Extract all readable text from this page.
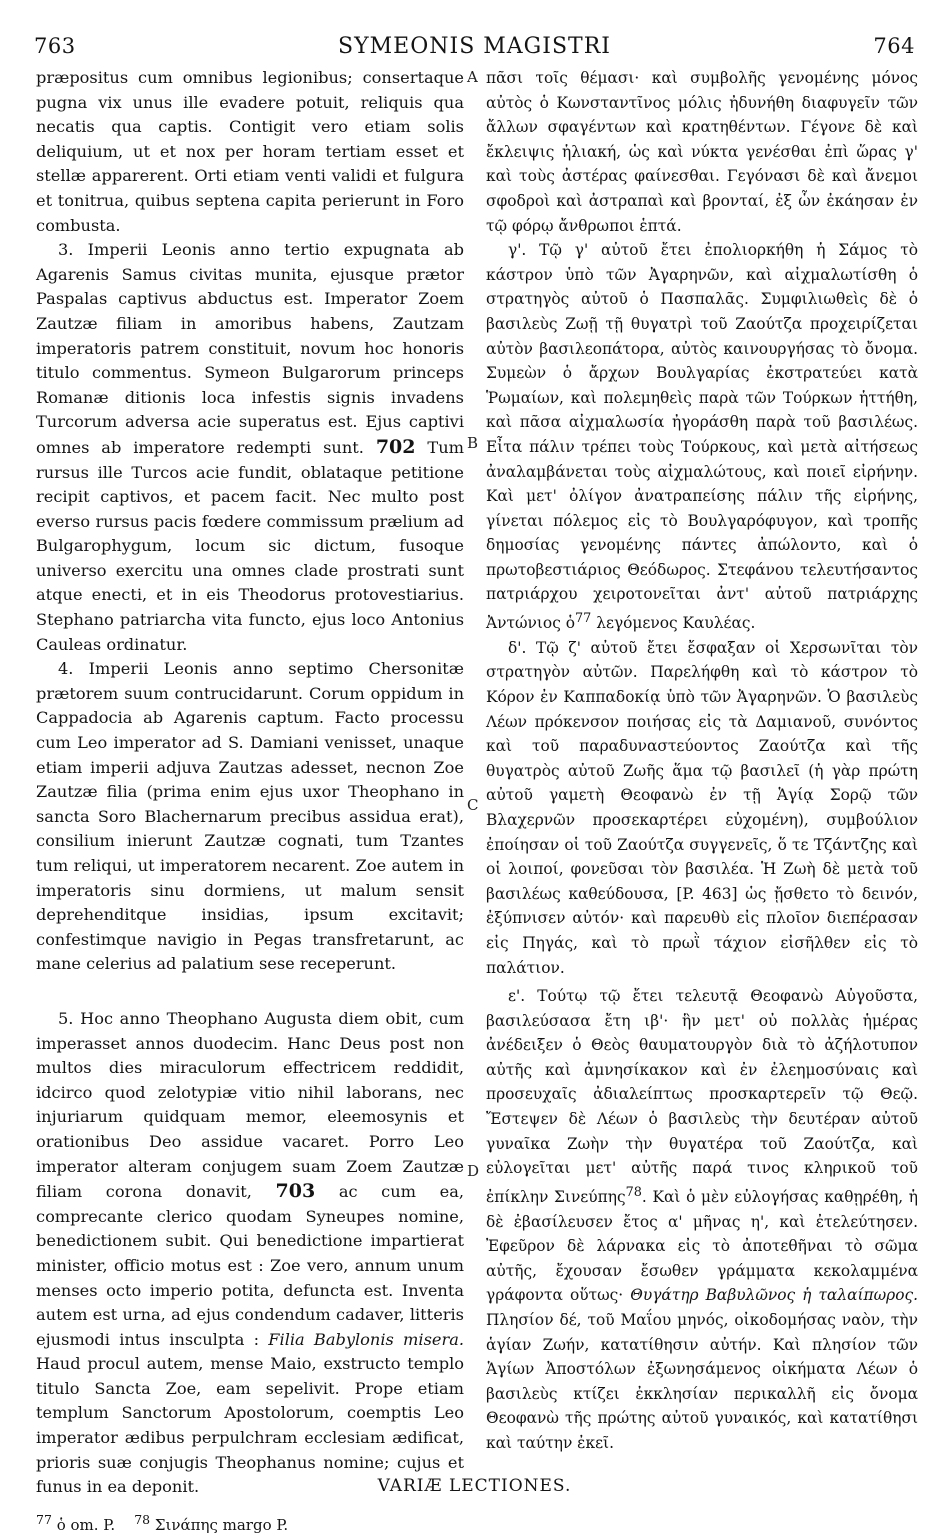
763	SYMEONIS MAGISTRI	764
A
B
C
D

præpositus cum omnibus legionibus; consertaque pugna vix unus ille evadere potuit, reliquis qua necatis qua captis. Contigit vero etiam solis deliquium, ut et nox per horam tertiam esset et stellæ apparerent. Orti etiam venti validi et fulgura et tonitrua, quibus septena capita perierunt in Foro combusta.

3. Imperii Leonis anno tertio expugnata ab Agarenis Samus civitas munita, ejusque prætor Paspalas captivus abductus est. Imperator Zoem Zautzæ filiam in amoribus habens, Zautzam imperatoris patrem constituit, novum hoc honoris titulo commentus. Symeon Bulgarorum princeps Romanæ ditionis loca infestis signis invadens Turcorum adversa acie superatus est. Ejus captivi omnes ab imperatore redempti sunt. 702 Tum rursus ille Turcos acie fundit, oblataque petitione recipit captivos, et pacem facit. Nec multo post everso rursus pacis fœdere commissum prælium ad Bulgarophygum, locum sic dictum, fusoque universo exercitu una omnes clade prostrati sunt atque enecti, et in eis Theodorus protovestiarius. Stephano patriarcha vita functo, ejus loco Antonius Cauleas ordinatur.

4. Imperii Leonis anno septimo Chersonitæ prætorem suum contrucidarunt. Corum oppidum in Cappadocia ab Agarenis captum. Facto processu cum Leo imperator ad S. Damiani venisset, unaque etiam imperii adjuva Zautzas adesset, necnon Zoe Zautzæ filia (prima enim ejus uxor Theophano in sancta Soro Blachernarum precibus assidua erat), consilium inierunt Zautzæ cognati, tum Tzantes tum reliqui, ut imperatorem necarent. Zoe autem in imperatoris sinu dormiens, ut malum sensit deprehenditque insidias, ipsum excitavit; confestimque navigio in Pegas transfretarunt, ac mane celerius ad palatium sese receperunt.

5. Hoc anno Theophano Augusta diem obit, cum imperasset annos duodecim. Hanc Deus post non multos dies miraculorum effectricem reddidit, idcirco quod zelotypiæ vitio nihil laborans, nec injuriarum quidquam memor, eleemosynis et orationibus Deo assidue vacaret. Porro Leo imperator alteram conjugem suam Zoem Zautzæ filiam corona donavit, 703 ac cum ea, comprecante clerico quodam Syneupes nomine, benedictionem subit. Qui benedictione impartierat minister, officio motus est : Zoe vero, annum unum menses octo imperio potita, defuncta est. Inventa autem est urna, ad ejus condendum cadaver, litteris ejusmodi intus insculpta : Filia Babylonis misera. Haud procul autem, mense Maio, exstructo templo titulo Sancta Zoe, eam sepelivit. Prope etiam templum Sanctorum Apostolorum, coemptis Leo imperator ædibus perpulchram ecclesiam ædificat, prioris suæ conjugis Theophanus nomine; cujus et funus in ea deponit.

πᾶσι τοῖς θέμασι· καὶ συμβολῆς γενομένης μόνος αὐτὸς ὁ Κωνσταντῖνος μόλις ἠδυνήθη διαφυγεῖν τῶν ἄλλων σφαγέντων καὶ κρατηθέντων. Γέγονε δὲ καὶ ἔκλειψις ἡλιακή, ὡς καὶ νύκτα γενέσθαι ἐπὶ ὥρας γ' καὶ τοὺς ἀστέρας φαίνεσθαι. Γεγόνασι δὲ καὶ ἄνεμοι σφοδροὶ καὶ ἀστραπαὶ καὶ βρονταί, ἐξ ὧν ἐκάησαν ἐν τῷ φόρῳ ἄνθρωποι ἑπτά.

γ'. Τῷ γ' αὐτοῦ ἔτει ἐπολιορκήθη ἡ Σάμος τὸ κάστρον ὑπὸ τῶν Ἀγαρηνῶν, καὶ αἰχμαλωτίσθη ὁ στρατηγὸς αὐτοῦ ὁ Πασπαλᾶς. Συμφιλιωθεὶς δὲ ὁ βασιλεὺς Ζωῇ τῇ θυγατρὶ τοῦ Ζαούτζα προχειρίζεται αὐτὸν βασιλεοπάτορα, αὐτὸς καινουργήσας τὸ ὄνομα. Συμεὼν ὁ ἄρχων Βουλγαρίας ἐκστρατεύει κατὰ Ῥωμαίων, καὶ πολεμηθεὶς παρὰ τῶν Τούρκων ἡττήθη, καὶ πᾶσα αἰχμαλωσία ἠγοράσθη παρὰ τοῦ βασιλέως. Εἶτα πάλιν τρέπει τοὺς Τούρκους, καὶ μετὰ αἰτήσεως ἀναλαμβάνεται τοὺς αἰχμαλώτους, καὶ ποιεῖ εἰρήνην. Καὶ μετ' ὀλίγον ἀνατραπείσης πάλιν τῆς εἰρήνης, γίνεται πόλεμος εἰς τὸ Βουλγαρόφυγον, καὶ τροπῆς δημοσίας γενομένης πάντες ἀπώλοντο, καὶ ὁ πρωτοβεστιάριος Θεόδωρος. Στεφάνου τελευτήσαντος πατριάρχου χειροτονεῖται ἀντ' αὐτοῦ πατριάρχης Ἀντώνιος ὁ$^{77}$ λεγόμενος Καυλέας.

δ'. Τῷ ζ' αὐτοῦ ἔτει ἔσφαξαν οἱ Χερσωνῖται τὸν στρατηγὸν αὐτῶν. Παρελήφθη καὶ τὸ κάστρον τὸ Κόρον ἐν Καππαδοκίᾳ ὑπὸ τῶν Ἀγαρηνῶν. Ὁ βασιλεὺς Λέων πρόκενσον ποιήσας εἰς τὰ Δαμιανοῦ, συνόντος καὶ τοῦ παραδυναστεύοντος Ζαούτζα καὶ τῆς θυγατρὸς αὐτοῦ Ζωῆς ἅμα τῷ βασιλεῖ (ἡ γὰρ πρώτη αὐτοῦ γαμετὴ Θεοφανὼ ἐν τῇ Ἁγίᾳ Σορῷ τῶν Βλαχερνῶν προσεκαρτέρει εὐχομένη), συμβούλιον ἐποίησαν οἱ τοῦ Ζαούτζα συγγενεῖς, ὅ τε Τζάντζης καὶ οἱ λοιποί, φονεῦσαι τὸν βασιλέα. Ἡ Ζωὴ δὲ μετὰ τοῦ βασιλέως καθεύδουσα, [P. 463] ὡς ᾔσθετο τὸ δεινόν, ἐξύπνισεν αὐτόν· καὶ παρευθὺ εἰς πλοῖον διεπέρασαν εἰς Πηγάς, καὶ τὸ πρωῒ τάχιον εἰσῆλθεν εἰς τὸ παλάτιον.

ε'. Τούτῳ τῷ ἔτει τελευτᾷ Θεοφανὼ Αὐγοῦστα, βασιλεύσασα ἔτη ιβ'· ἣν μετ' οὐ πολλὰς ἡμέρας ἀνέδειξεν ὁ Θεὸς θαυματουργὸν διὰ τὸ ἀζήλοτυπον αὐτῆς καὶ ἀμνησίκακον καὶ ἐν ἐλεημοσύναις καὶ προσευχαῖς ἀδιαλείπτως προσκαρτερεῖν τῷ Θεῷ. Ἔστεψεν δὲ Λέων ὁ βασιλεὺς τὴν δευτέραν αὐτοῦ γυναῖκα Ζωὴν τὴν θυγατέρα τοῦ Ζαούτζα, καὶ εὐλογεῖται μετ' αὐτῆς παρά τινος κληρικοῦ τοῦ ἐπίκλην Σινεύπης$^{78}$. Καὶ ὁ μὲν εὐλογήσας καθῃρέθη, ἡ δὲ ἐβασίλευσεν ἔτος α' μῆνας η', καὶ ἐτελεύτησεν. Ἐφεῦρον δὲ λάρνακα εἰς τὸ ἀποτεθῆναι τὸ σῶμα αὐτῆς, ἔχουσαν ἔσωθεν γράμματα κεκολαμμένα γράφοντα οὕτως· Θυγάτηρ Βαβυλῶνος ἡ ταλαίπωρος. Πλησίον δέ, τοῦ Μαΐου μηνός, οἰκοδομήσας ναὸν, τὴν ἁγίαν Ζωήν, κατατίθησιν αὐτήν. Καὶ πλησίον τῶν Ἁγίων Ἀποστόλων ἐξωνησάμενος οἰκήματα Λέων ὁ βασιλεὺς κτίζει ἐκκλησίαν περικαλλῆ εἰς ὄνομα Θεοφανὼ τῆς πρώτης αὐτοῦ γυναικός, καὶ κατατίθησι καὶ ταύτην ἐκεῖ.

VARIÆ LECTIONES.
$^{77}$ ὁ om. P. $^{78}$ Σινάπης margo P.
